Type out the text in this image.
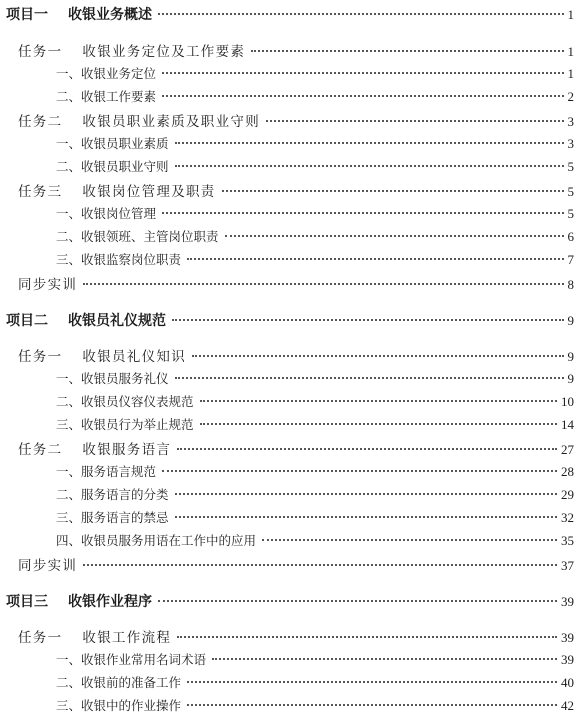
项目一 收银业务概述	1
任务一 收银业务定位及工作要素	1
一、收银业务定位	1
二、收银工作要素	2
任务二 收银员职业素质及职业守则	3
一、收银员职业素质	3
二、收银员职业守则	5
任务三 收银岗位管理及职责	5
一、收银岗位管理	5
二、收银领班、主管岗位职责	6
三、收银监察岗位职责	7
同步实训	8
项目二 收银员礼仪规范	9
任务一 收银员礼仪知识	9
一、收银员服务礼仪	9
二、收银员仪容仪表规范	10
三、收银员行为举止规范	14
任务二 收银服务语言	27
一、服务语言规范	28
二、服务语言的分类	29
三、服务语言的禁忌	32
四、收银员服务用语在工作中的应用	35
同步实训	37
项目三 收银作业程序	39
任务一 收银工作流程	39
一、收银作业常用名词术语	39
二、收银前的准备工作	40
三、收银中的作业操作	42
